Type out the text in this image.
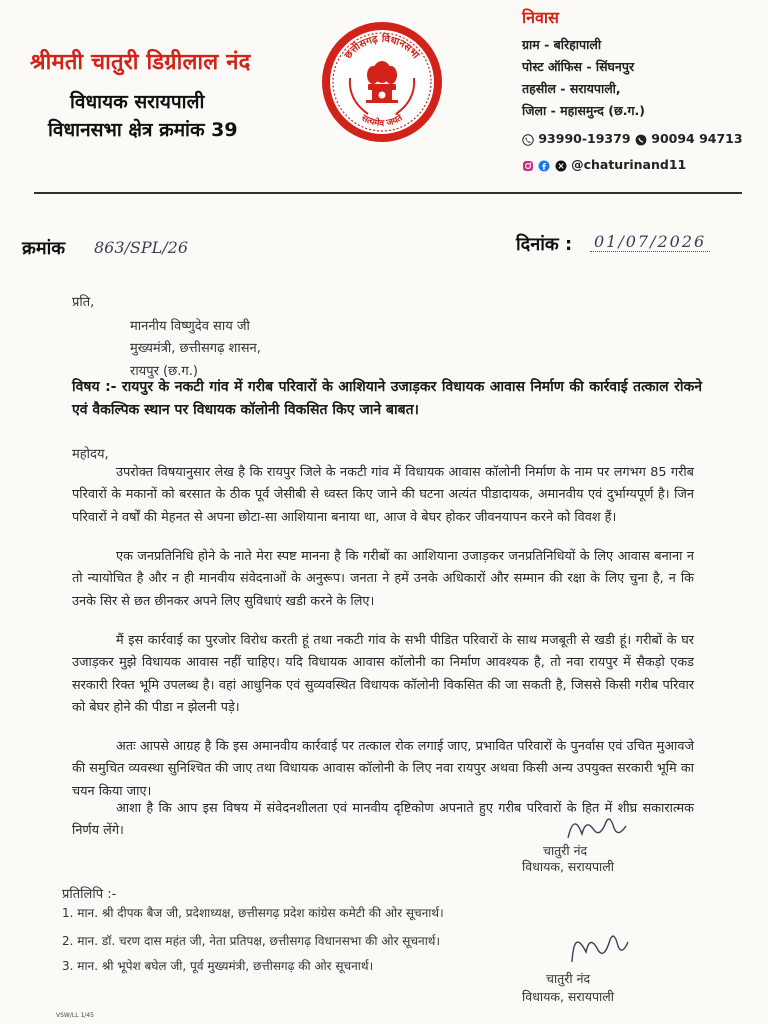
श्रीमती चातुरी डिग्रीलाल नंद
विधायक सरायपाली
विधानसभा क्षेत्र क्रमांक 39
छत्तीसगढ़ विधानसभा
सत्यमेव जयते
निवास
ग्राम - बरिहापाली
पोस्ट ऑफिस - सिंघनपुर
तहसील - सरायपाली,
जिला - महासमुन्द (छ.ग.)
93990-19379 90094 94713
@chaturinand11
क्रमांक 863/SPL/26	दिनांक : 01/07/2026
प्रति,
माननीय विष्णुदेव साय जी
मुख्यमंत्री, छत्तीसगढ़ शासन,
रायपुर (छ.ग.)
विषय :- रायपुर के नकटी गांव में गरीब परिवारों के आशियाने उजाड़कर विधायक आवास निर्माण की कार्रवाई तत्काल रोकने एवं वैकल्पिक स्थान पर विधायक कॉलोनी विकसित किए जाने बाबत।
महोदय,
उपरोक्त विषयानुसार लेख है कि रायपुर जिले के नकटी गांव में विधायक आवास कॉलोनी निर्माण के नाम पर लगभग 85 गरीब परिवारों के मकानों को बरसात के ठीक पूर्व जेसीबी से ध्वस्त किए जाने की घटना अत्यंत पीडादायक, अमानवीय एवं दुर्भाग्यपूर्ण है। जिन परिवारों ने वर्षों की मेहनत से अपना छोटा-सा आशियाना बनाया था, आज वे बेघर होकर जीवनयापन करने को विवश हैं।
एक जनप्रतिनिधि होने के नाते मेरा स्पष्ट मानना है कि गरीबों का आशियाना उजाड़कर जनप्रतिनिधियों के लिए आवास बनाना न तो न्यायोचित है और न ही मानवीय संवेदनाओं के अनुरूप। जनता ने हमें उनके अधिकारों और सम्मान की रक्षा के लिए चुना है, न कि उनके सिर से छत छीनकर अपने लिए सुविधाएं खडी करने के लिए।
मैं इस कार्रवाई का पुरजोर विरोध करती हूं तथा नकटी गांव के सभी पीडित परिवारों के साथ मजबूती से खडी हूं। गरीबों के घर उजाड़कर मुझे विधायक आवास नहीं चाहिए। यदि विधायक आवास कॉलोनी का निर्माण आवश्यक है, तो नवा रायपुर में सैकड़ो एकड सरकारी रिक्त भूमि उपलब्ध है। वहां आधुनिक एवं सुव्यवस्थित विधायक कॉलोनी विकसित की जा सकती है, जिससे किसी गरीब परिवार को बेघर होने की पीडा न झेलनी पड़े।
अतः आपसे आग्रह है कि इस अमानवीय कार्रवाई पर तत्काल रोक लगाई जाए, प्रभावित परिवारों के पुनर्वास एवं उचित मुआवजे की समुचित व्यवस्था सुनिश्चित की जाए तथा विधायक आवास कॉलोनी के लिए नवा रायपुर अथवा किसी अन्य उपयुक्त सरकारी भूमि का चयन किया जाए।
आशा है कि आप इस विषय में संवेदनशीलता एवं मानवीय दृष्टिकोण अपनाते हुए गरीब परिवारों के हित में शीघ्र सकारात्मक निर्णय लेंगे।
चातुरी नंद
विधायक, सरायपाली
प्रतिलिपि :-
1. मान. श्री दीपक बैज जी, प्रदेशाध्यक्ष, छत्तीसगढ़ प्रदेश कांग्रेस कमेटी की ओर सूचनार्थ।
2. मान. डॉ. चरण दास महंत जी, नेता प्रतिपक्ष, छत्तीसगढ़ विधानसभा की ओर सूचनार्थ।
3. मान. श्री भूपेश बघेल जी, पूर्व मुख्यमंत्री, छत्तीसगढ़ की ओर सूचनार्थ।
चातुरी नंद
विधायक, सरायपाली
VSW/LL 1/45
